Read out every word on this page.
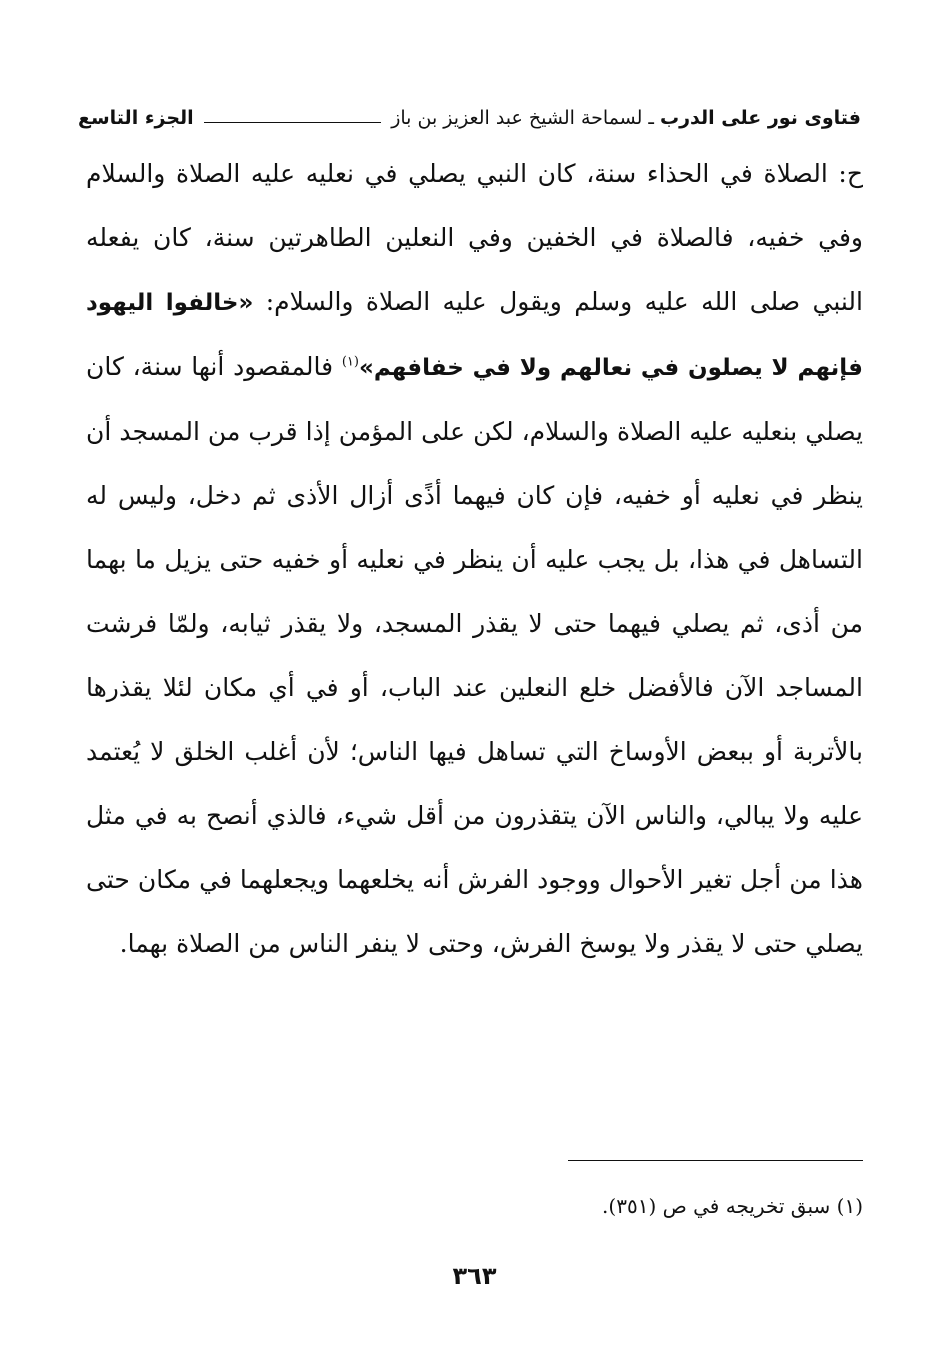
فتاوى نور على الدرب
ـ
لسماحة الشيخ عبد العزيز بن باز
الجزء التاسع

ح: الصلاة في الحذاء سنة، كان النبي يصلي في نعليه عليه الصلاة والسلام وفي خفيه، فالصلاة في الخفين وفي النعلين الطاهرتين سنة، كان يفعله النبي صلى الله عليه وسلم ويقول عليه الصلاة والسلام: «خالفوا اليهود فإنهم لا يصلون في نعالهم ولا في خفافهم»$^{(١)}$ فالمقصود أنها سنة، كان يصلي بنعليه عليه الصلاة والسلام، لكن على المؤمن إذا قرب من المسجد أن ينظر في نعليه أو خفيه، فإن كان فيهما أذًى أزال الأذى ثم دخل، وليس له التساهل في هذا، بل يجب عليه أن ينظر في نعليه أو خفيه حتى يزيل ما بهما من أذى، ثم يصلي فيهما حتى لا يقذر المسجد، ولا يقذر ثيابه، ولمّا فرشت المساجد الآن فالأفضل خلع النعلين عند الباب، أو في أي مكان لئلا يقذرها بالأتربة أو ببعض الأوساخ التي تساهل فيها الناس؛ لأن أغلب الخلق لا يُعتمد عليه ولا يبالي، والناس الآن يتقذرون من أقل شيء، فالذي أنصح به في مثل هذا من أجل تغير الأحوال ووجود الفرش أنه يخلعهما ويجعلهما في مكان حتى يصلي حتى لا يقذر ولا يوسخ الفرش، وحتى لا ينفر الناس من الصلاة بهما.

(١) سبق تخريجه في ص (٣٥١).
٣٦٣
